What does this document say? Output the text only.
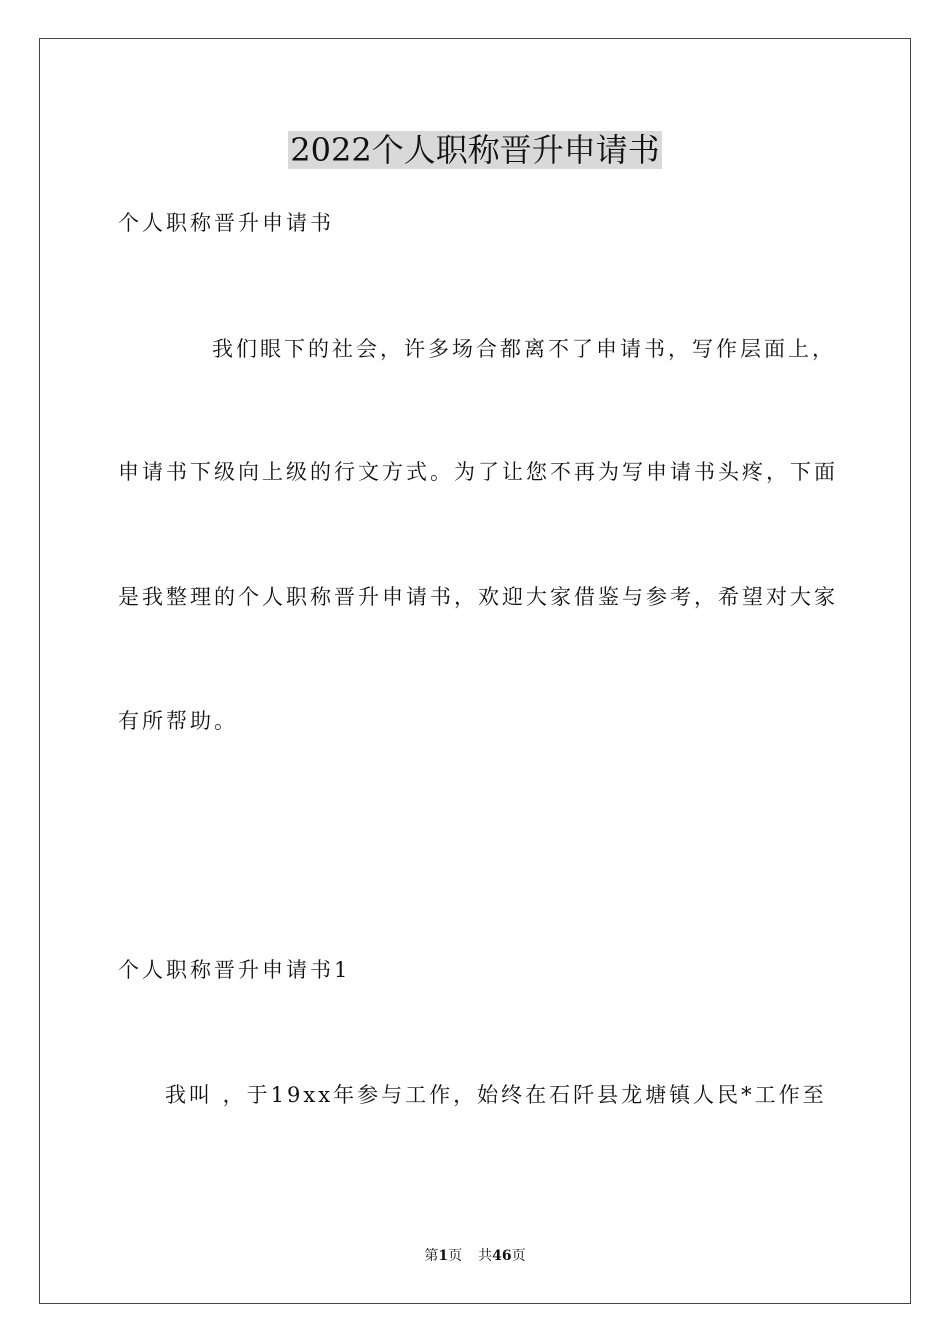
2022个人职称晋升申请书
个人职称晋升申请书
我们眼下的社会，许多场合都离不了申请书，写作层面上，
申请书下级向上级的行文方式。为了让您不再为写申请书头疼，下面
是我整理的个人职称晋升申请书，欢迎大家借鉴与参考，希望对大家
有所帮助。
个人职称晋升申请书1
我叫 ，于19xx年参与工作，始终在石阡县龙塘镇人民*工作至
第1页 共46页
